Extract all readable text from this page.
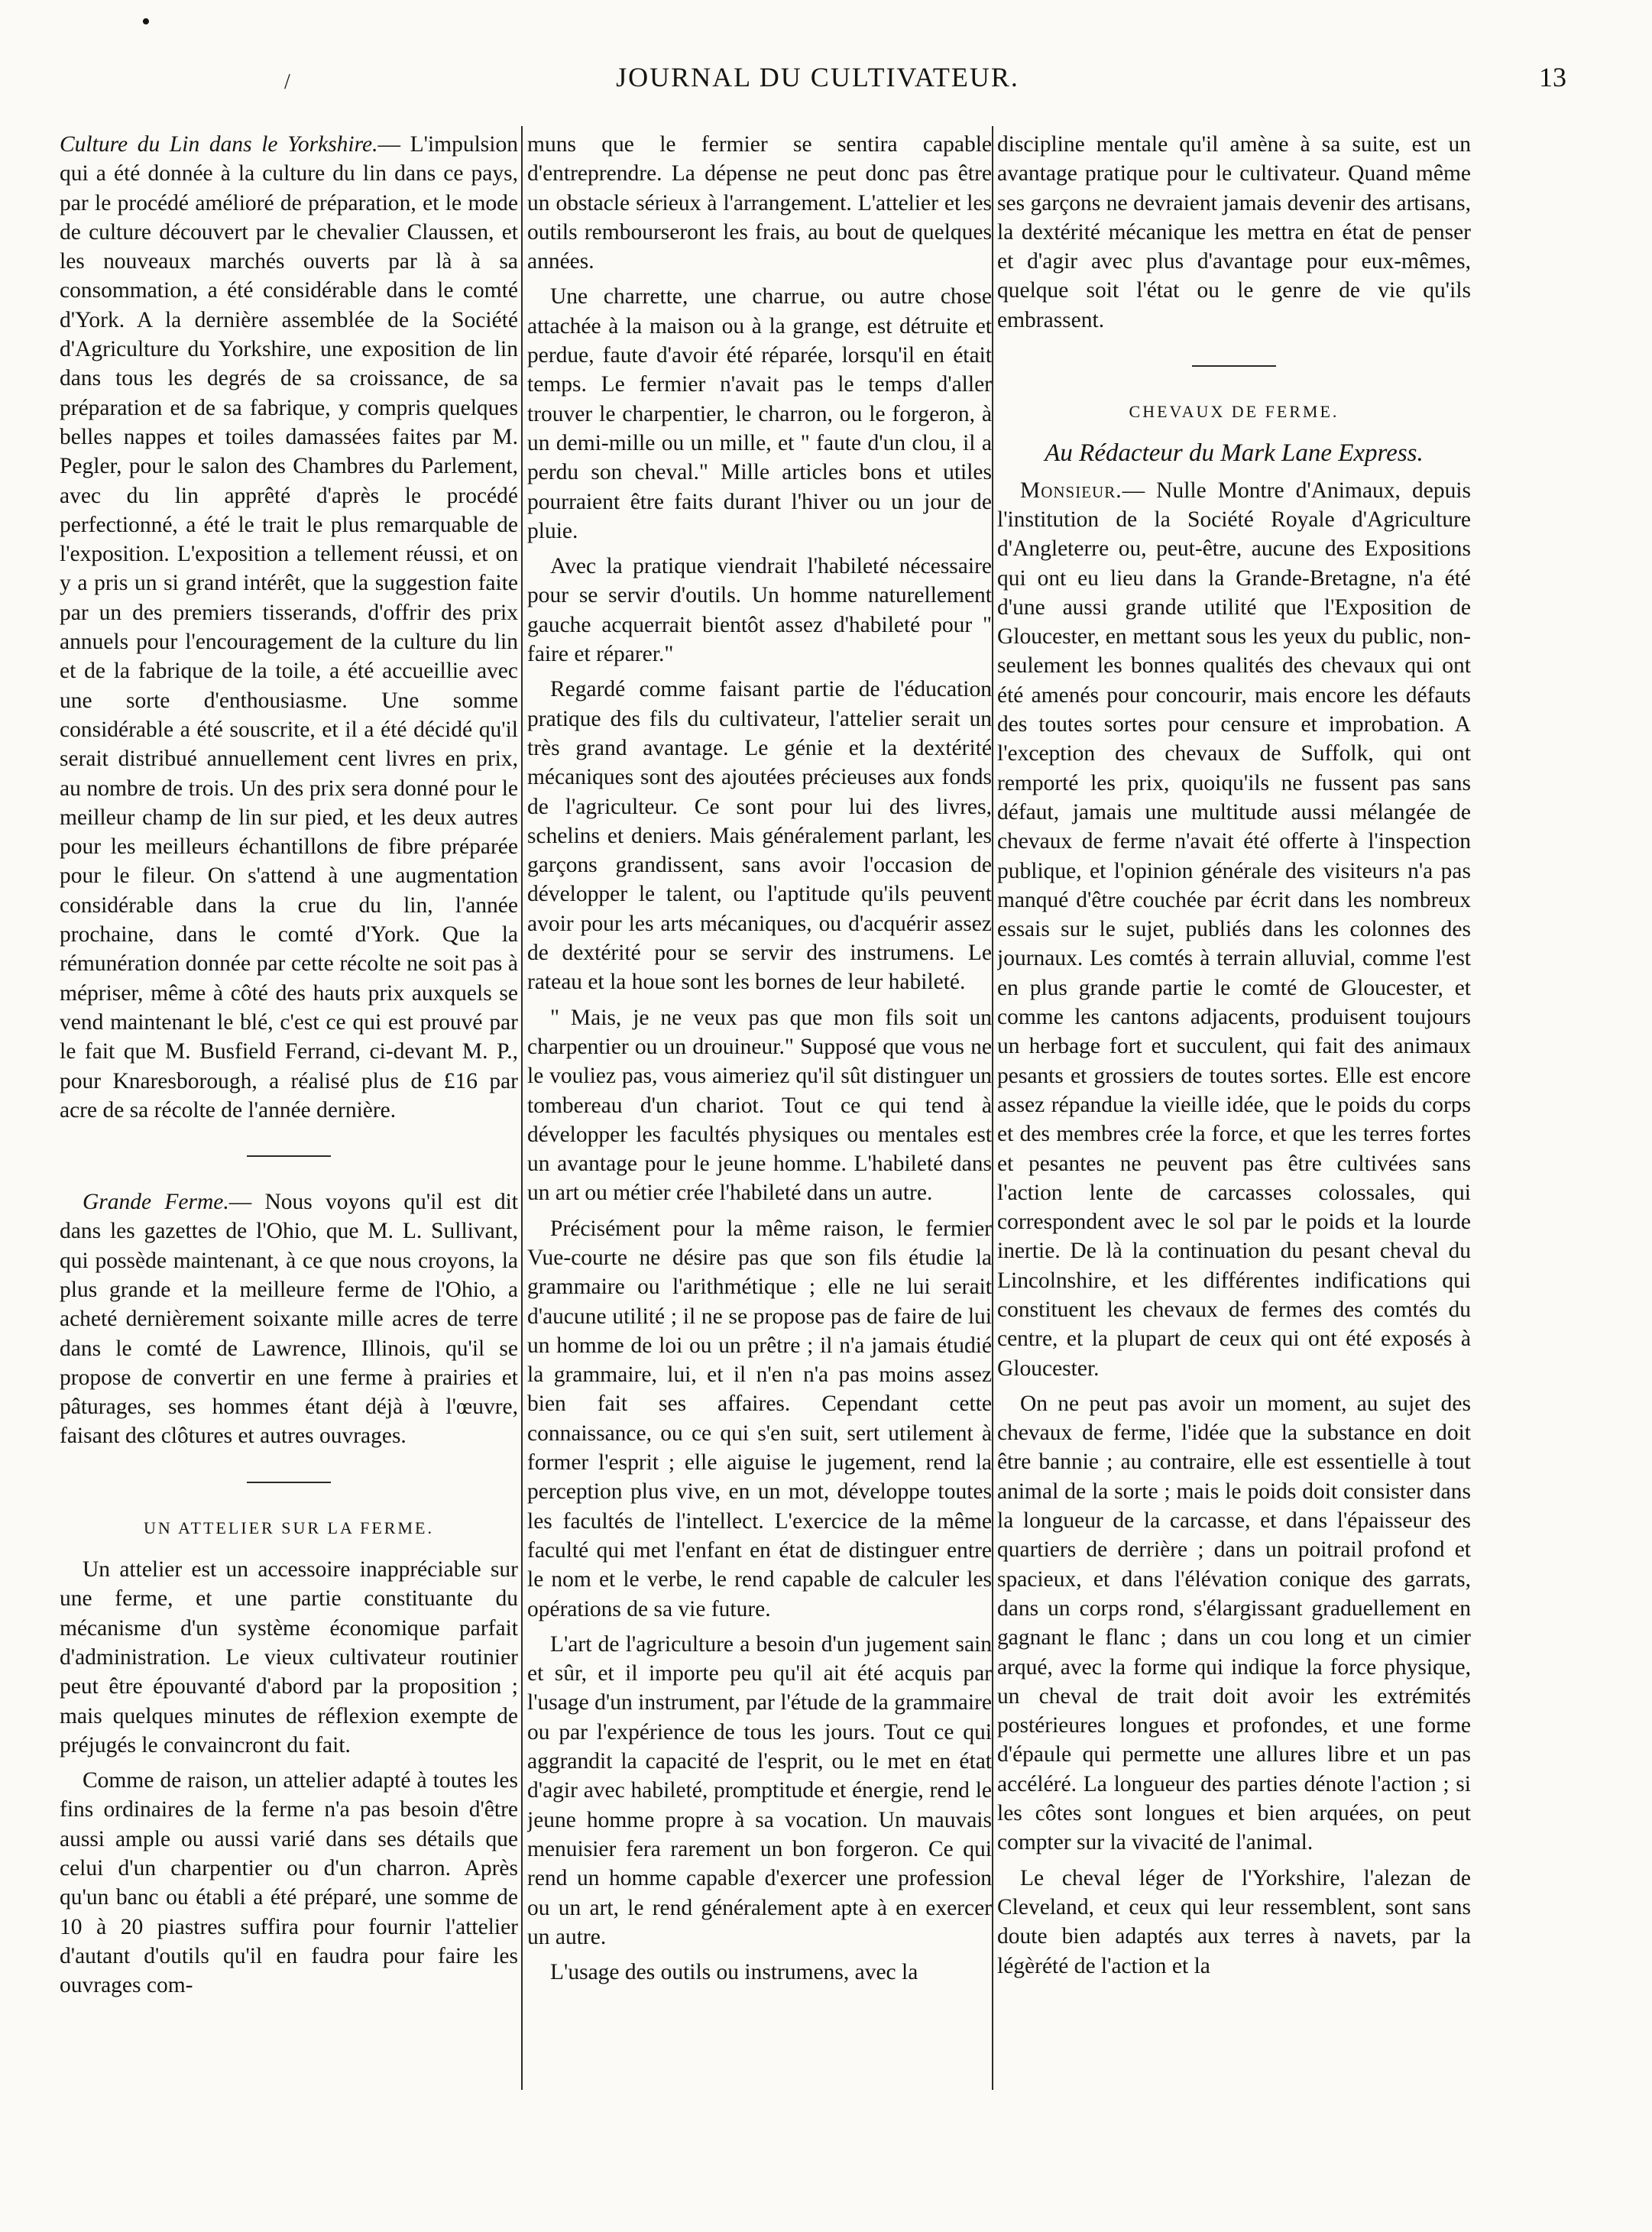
•
/	JOURNAL DU CULTIVATEUR.	13

Culture du Lin dans le Yorkshire.— L'impulsion qui a été donnée à la culture du lin dans ce pays, par le procédé amélioré de préparation, et le mode de culture découvert par le chevalier Claussen, et les nouveaux marchés ouverts par là à sa consommation, a été considérable dans le comté d'York. A la dernière assemblée de la Société d'Agriculture du Yorkshire, une exposition de lin dans tous les degrés de sa croissance, de sa préparation et de sa fabrique, y compris quelques belles nappes et toiles damassées faites par M. Pegler, pour le salon des Chambres du Parlement, avec du lin apprêté d'après le procédé perfectionné, a été le trait le plus remarquable de l'exposition. L'exposition a tellement réussi, et on y a pris un si grand intérêt, que la suggestion faite par un des premiers tisserands, d'offrir des prix annuels pour l'encouragement de la culture du lin et de la fabrique de la toile, a été accueillie avec une sorte d'enthousiasme. Une somme considérable a été souscrite, et il a été décidé qu'il serait distribué annuellement cent livres en prix, au nombre de trois. Un des prix sera donné pour le meilleur champ de lin sur pied, et les deux autres pour les meilleurs échantillons de fibre préparée pour le fileur. On s'attend à une augmentation considérable dans la crue du lin, l'année prochaine, dans le comté d'York. Que la rémunération donnée par cette récolte ne soit pas à mépriser, même à côté des hauts prix auxquels se vend maintenant le blé, c'est ce qui est prouvé par le fait que M. Busfield Ferrand, ci-devant M. P., pour Knaresborough, a réalisé plus de £16 par acre de sa récolte de l'année dernière.

Grande Ferme.— Nous voyons qu'il est dit dans les gazettes de l'Ohio, que M. L. Sullivant, qui possède maintenant, à ce que nous croyons, la plus grande et la meilleure ferme de l'Ohio, a acheté dernièrement soixante mille acres de terre dans le comté de Lawrence, Illinois, qu'il se propose de convertir en une ferme à prairies et pâturages, ses hommes étant déjà à l'œuvre, faisant des clôtures et autres ouvrages.

UN ATTELIER SUR LA FERME.

Un attelier est un accessoire inappréciable sur une ferme, et une partie constituante du mécanisme d'un système économique parfait d'administration. Le vieux cultivateur routinier peut être épouvanté d'abord par la proposition ; mais quelques minutes de réflexion exempte de préjugés le convaincront du fait.

Comme de raison, un attelier adapté à toutes les fins ordinaires de la ferme n'a pas besoin d'être aussi ample ou aussi varié dans ses détails que celui d'un charpentier ou d'un charron. Après qu'un banc ou établi a été préparé, une somme de 10 à 20 piastres suffira pour fournir l'attelier d'autant d'outils qu'il en faudra pour faire les ouvrages com-

muns que le fermier se sentira capable d'entreprendre. La dépense ne peut donc pas être un obstacle sérieux à l'arrangement. L'attelier et les outils rembourseront les frais, au bout de quelques années.

Une charrette, une charrue, ou autre chose attachée à la maison ou à la grange, est détruite et perdue, faute d'avoir été réparée, lorsqu'il en était temps. Le fermier n'avait pas le temps d'aller trouver le charpentier, le charron, ou le forgeron, à un demi-mille ou un mille, et " faute d'un clou, il a perdu son cheval." Mille articles bons et utiles pourraient être faits durant l'hiver ou un jour de pluie.

Avec la pratique viendrait l'habileté nécessaire pour se servir d'outils. Un homme naturellement gauche acquerrait bientôt assez d'habileté pour " faire et réparer."

Regardé comme faisant partie de l'éducation pratique des fils du cultivateur, l'attelier serait un très grand avantage. Le génie et la dextérité mécaniques sont des ajoutées précieuses aux fonds de l'agriculteur. Ce sont pour lui des livres, schelins et deniers. Mais généralement parlant, les garçons grandissent, sans avoir l'occasion de développer le talent, ou l'aptitude qu'ils peuvent avoir pour les arts mécaniques, ou d'acquérir assez de dextérité pour se servir des instrumens. Le rateau et la houe sont les bornes de leur habileté.

" Mais, je ne veux pas que mon fils soit un charpentier ou un drouineur." Supposé que vous ne le vouliez pas, vous aimeriez qu'il sût distinguer un tombereau d'un chariot. Tout ce qui tend à développer les facultés physiques ou mentales est un avantage pour le jeune homme. L'habileté dans un art ou métier crée l'habileté dans un autre.

Précisément pour la même raison, le fermier Vue-courte ne désire pas que son fils étudie la grammaire ou l'arithmétique ; elle ne lui serait d'aucune utilité ; il ne se propose pas de faire de lui un homme de loi ou un prêtre ; il n'a jamais étudié la grammaire, lui, et il n'en n'a pas moins assez bien fait ses affaires. Cependant cette connaissance, ou ce qui s'en suit, sert utilement à former l'esprit ; elle aiguise le jugement, rend la perception plus vive, en un mot, développe toutes les facultés de l'intellect. L'exercice de la même faculté qui met l'enfant en état de distinguer entre le nom et le verbe, le rend capable de calculer les opérations de sa vie future.

L'art de l'agriculture a besoin d'un jugement sain et sûr, et il importe peu qu'il ait été acquis par l'usage d'un instrument, par l'étude de la grammaire ou par l'expérience de tous les jours. Tout ce qui aggrandit la capacité de l'esprit, ou le met en état d'agir avec habileté, promptitude et énergie, rend le jeune homme propre à sa vocation. Un mauvais menuisier fera rarement un bon forgeron. Ce qui rend un homme capable d'exercer une profession ou un art, le rend généralement apte à en exercer un autre.

L'usage des outils ou instrumens, avec la

discipline mentale qu'il amène à sa suite, est un avantage pratique pour le cultivateur. Quand même ses garçons ne devraient jamais devenir des artisans, la dextérité mécanique les mettra en état de penser et d'agir avec plus d'avantage pour eux-mêmes, quelque soit l'état ou le genre de vie qu'ils embrassent.

CHEVAUX DE FERME.

Au Rédacteur du Mark Lane Express.

Monsieur.— Nulle Montre d'Animaux, depuis l'institution de la Société Royale d'Agriculture d'Angleterre ou, peut-être, aucune des Expositions qui ont eu lieu dans la Grande-Bretagne, n'a été d'une aussi grande utilité que l'Exposition de Gloucester, en mettant sous les yeux du public, non-seulement les bonnes qualités des chevaux qui ont été amenés pour concourir, mais encore les défauts des toutes sortes pour censure et improbation. A l'exception des chevaux de Suffolk, qui ont remporté les prix, quoiqu'ils ne fussent pas sans défaut, jamais une multitude aussi mélangée de chevaux de ferme n'avait été offerte à l'inspection publique, et l'opinion générale des visiteurs n'a pas manqué d'être couchée par écrit dans les nombreux essais sur le sujet, publiés dans les colonnes des journaux. Les comtés à terrain alluvial, comme l'est en plus grande partie le comté de Gloucester, et comme les cantons adjacents, produisent toujours un herbage fort et succulent, qui fait des animaux pesants et grossiers de toutes sortes. Elle est encore assez répandue la vieille idée, que le poids du corps et des membres crée la force, et que les terres fortes et pesantes ne peuvent pas être cultivées sans l'action lente de carcasses colossales, qui correspondent avec le sol par le poids et la lourde inertie. De là la continuation du pesant cheval du Lincolnshire, et les différentes indifications qui constituent les chevaux de fermes des comtés du centre, et la plupart de ceux qui ont été exposés à Gloucester.

On ne peut pas avoir un moment, au sujet des chevaux de ferme, l'idée que la substance en doit être bannie ; au contraire, elle est essentielle à tout animal de la sorte ; mais le poids doit consister dans la longueur de la carcasse, et dans l'épaisseur des quartiers de derrière ; dans un poitrail profond et spacieux, et dans l'élévation conique des garrats, dans un corps rond, s'élargissant graduellement en gagnant le flanc ; dans un cou long et un cimier arqué, avec la forme qui indique la force physique, un cheval de trait doit avoir les extrémités postérieures longues et profondes, et une forme d'épaule qui permette une allures libre et un pas accéléré. La longueur des parties dénote l'action ; si les côtes sont longues et bien arquées, on peut compter sur la vivacité de l'animal.

Le cheval léger de l'Yorkshire, l'alezan de Cleveland, et ceux qui leur ressemblent, sont sans doute bien adaptés aux terres à navets, par la légèrété de l'action et la
